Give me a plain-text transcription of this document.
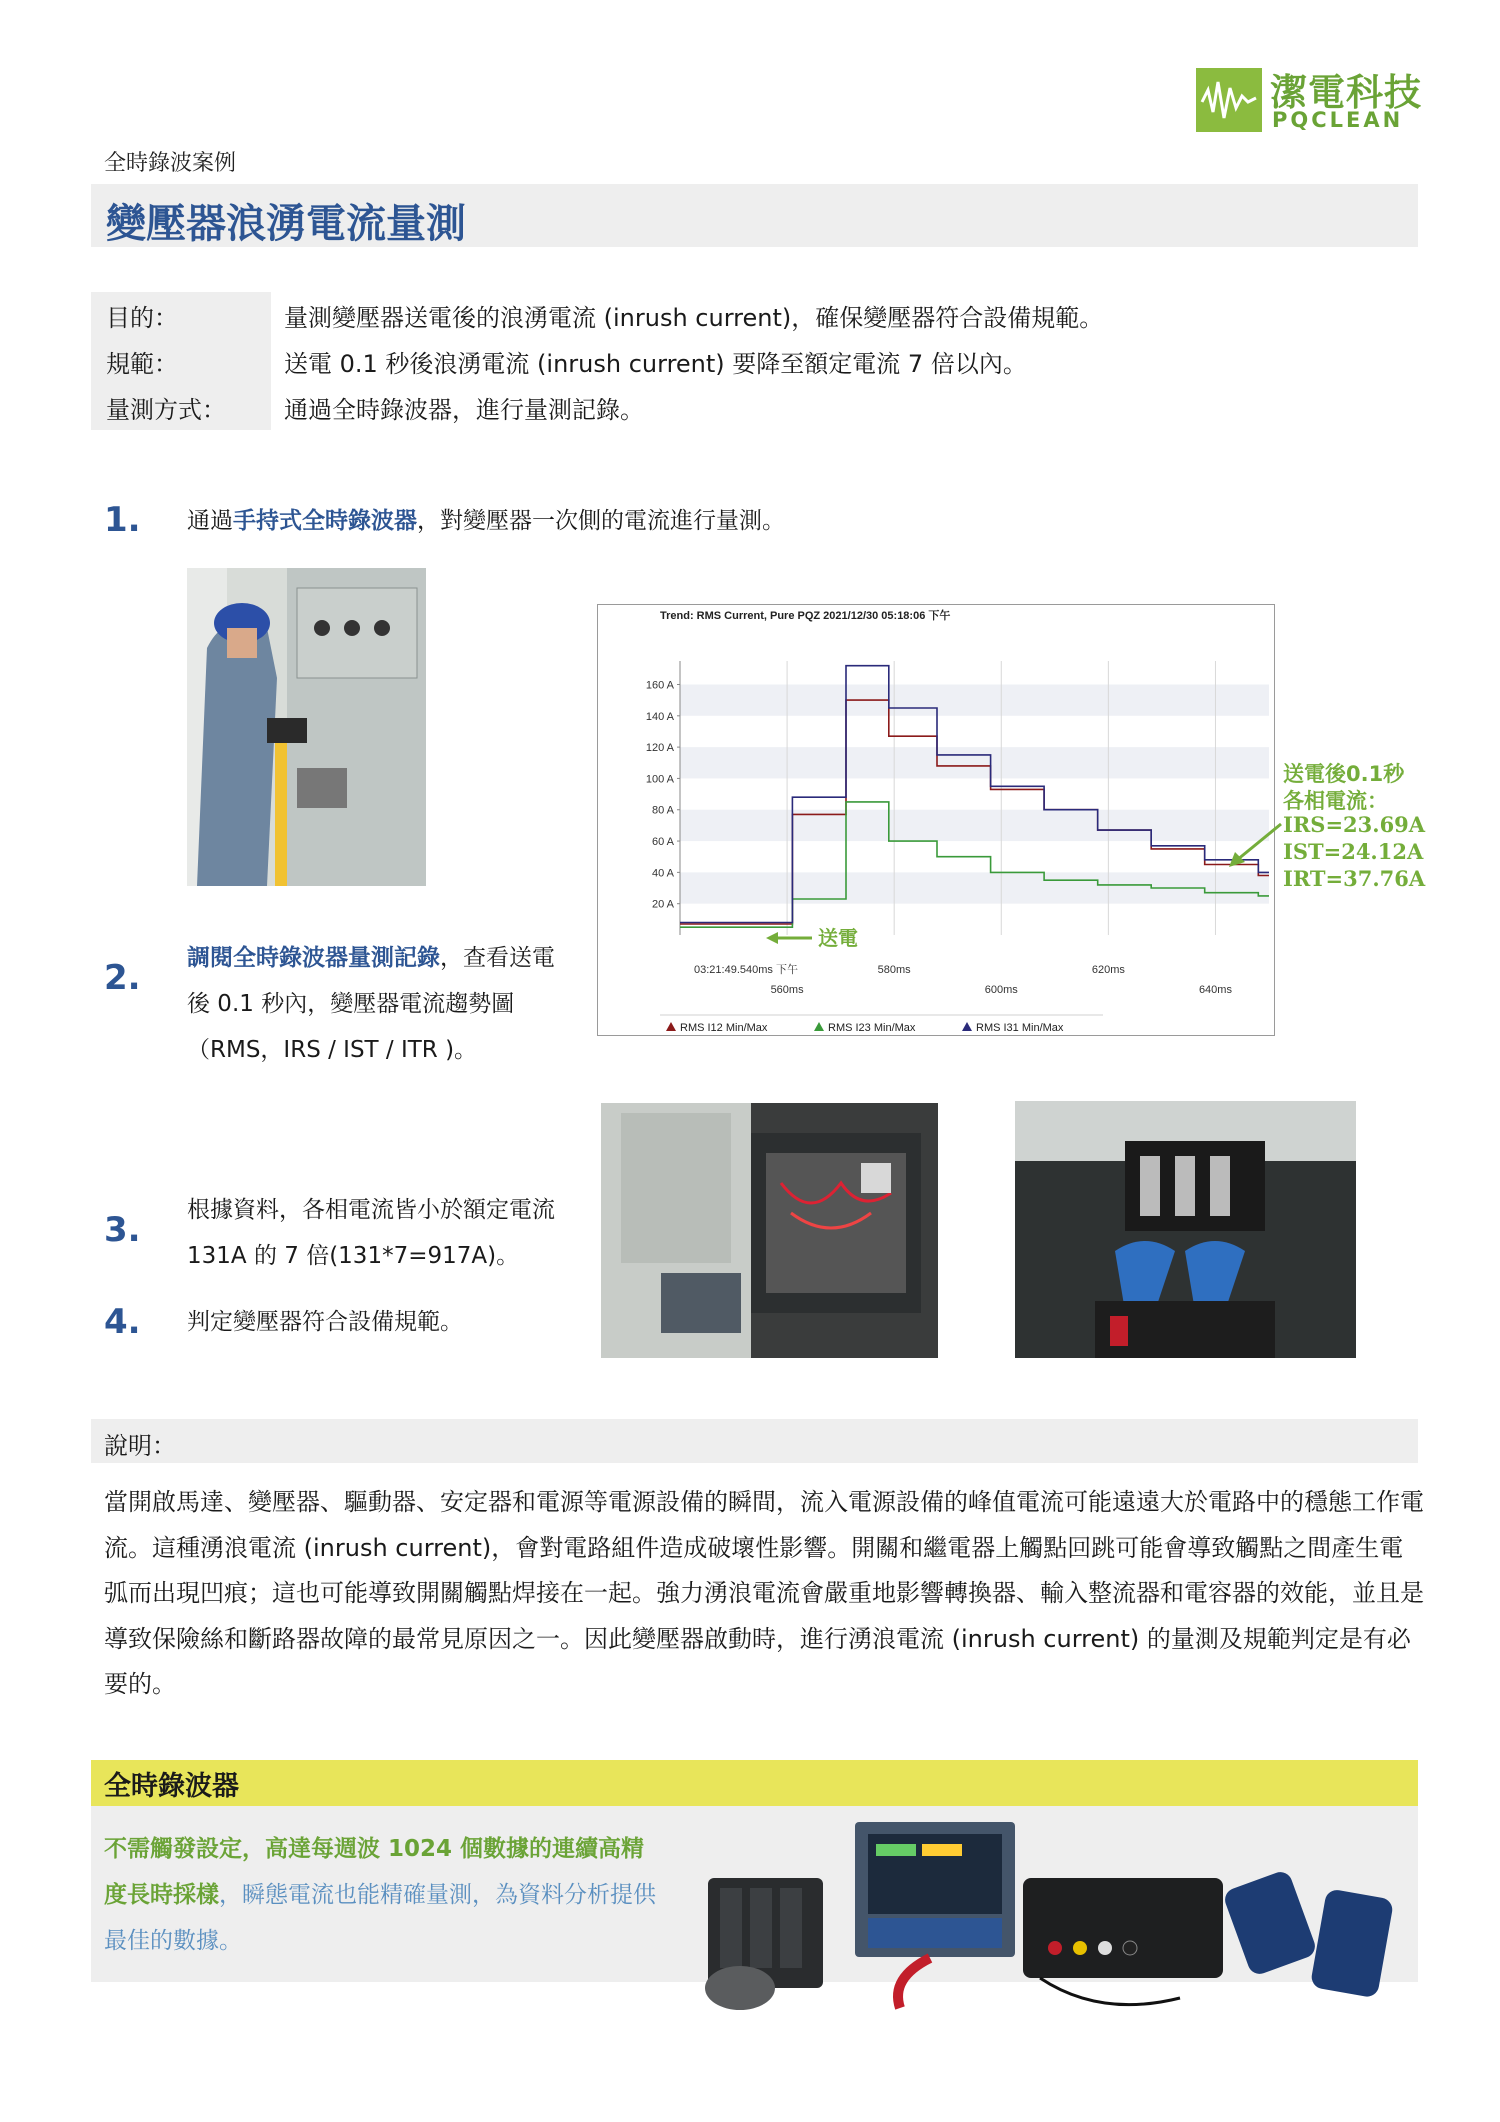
潔電科技
PQCLEAN
全時錄波案例
變壓器浪湧電流量測
目的：	量測變壓器送電後的浪湧電流 (inrush current)，確保變壓器符合設備規範。
規範：	送電 0.1 秒後浪湧電流 (inrush current) 要降至額定電流 7 倍以內。
量測方式： 通過全時錄波器，進行量測記錄。
1. 通過手持式全時錄波器，對變壓器一次側的電流進行量測。
Trend: RMS Current, Pure PQZ 2021/12/30 05:18:06 下午
160 A
140 A
120 A
100 A
80 A
60 A
40 A
20 A
03:21:49.540ms 下午	580ms	620ms
560ms	600ms	640ms
送電
RMS I12 Min/Max	RMS I23 Min/Max	RMS I31 Min/Max
送電後0.1秒
各相電流：
IRS=23.69A
IST=24.12A
IRT=37.76A
2. 調閱全時錄波器量測記錄，查看送電後 0.1 秒內，變壓器電流趨勢圖（RMS，IRS / IST / ITR )。
3. 根據資料，各相電流皆小於額定電流 131A 的 7 倍(131*7=917A)。
4. 判定變壓器符合設備規範。
說明：
當開啟馬達、變壓器、驅動器、安定器和電源等電源設備的瞬間，流入電源設備的峰值電流可能遠遠大於電路中的穩態工作電流。這種湧浪電流 (inrush current)，會對電路組件造成破壞性影響。開關和繼電器上觸點回跳可能會導致觸點之間產生電弧而出現凹痕；這也可能導致開關觸點焊接在一起。強力湧浪電流會嚴重地影響轉換器、輸入整流器和電容器的效能，並且是導致保險絲和斷路器故障的最常見原因之一。因此變壓器啟動時，進行湧浪電流 (inrush current) 的量測及規範判定是有必要的。
全時錄波器
不需觸發設定，高達每週波 1024 個數據的連續高精度長時採樣，瞬態電流也能精確量測，為資料分析提供最佳的數據。
